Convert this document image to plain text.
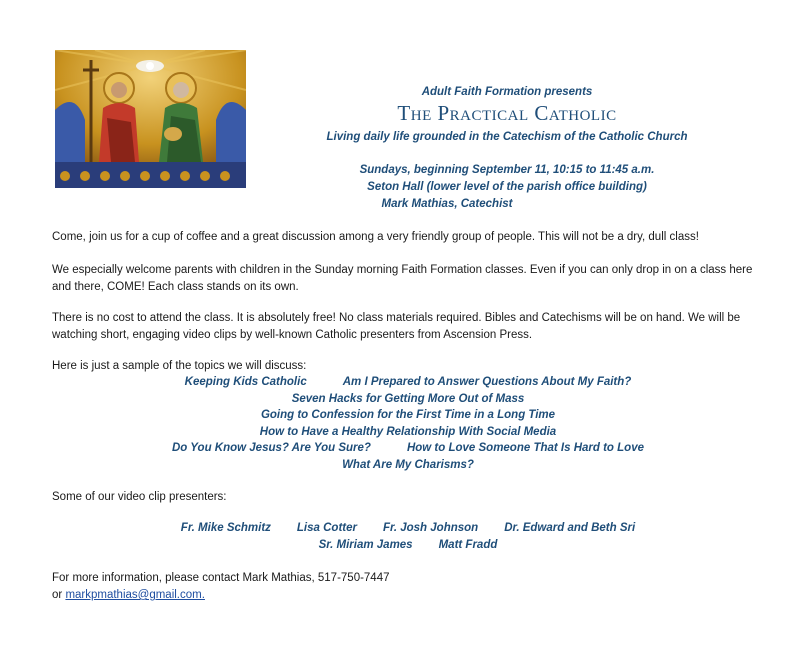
Adult Faith Formation presents
The Practical Catholic
Living daily life grounded in the Catechism of the Catholic Church
Sundays, beginning September 11, 10:15 to 11:45 a.m.
Seton Hall (lower level of the parish office building)
Mark Mathias, Catechist
Come, join us for a cup of coffee and a great discussion among a very friendly group of people. This will not be a dry, dull class!
We especially welcome parents with children in the Sunday morning Faith Formation classes. Even if you can only drop in on a class here and there, COME! Each class stands on its own.
There is no cost to attend the class. It is absolutely free! No class materials required. Bibles and Catechisms will be on hand. We will be watching short, engaging video clips by well-known Catholic presenters from Ascension Press.
Here is just a sample of the topics we will discuss:
Keeping Kids Catholic	Am I Prepared to Answer Questions About My Faith?
Seven Hacks for Getting More Out of Mass
Going to Confession for the First Time in a Long Time
How to Have a Healthy Relationship With Social Media
Do You Know Jesus? Are You Sure?	How to Love Someone That Is Hard to Love
What Are My Charisms?
Some of our video clip presenters:
Fr. Mike Schmitz Lisa Cotter Fr. Josh Johnson Dr. Edward and Beth Sri
Sr. Miriam James Matt Fradd
For more information, please contact Mark Mathias, 517-750-7447
or markpmathias@gmail.com.
